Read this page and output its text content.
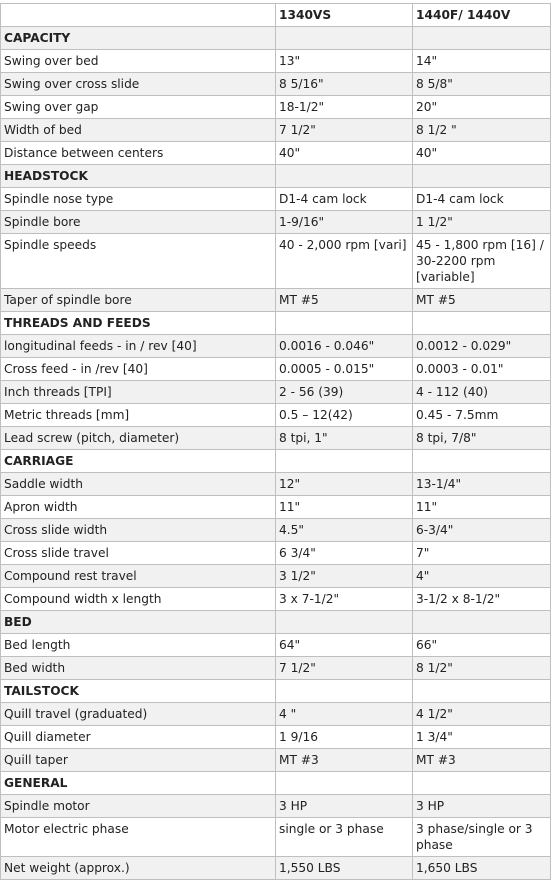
	1340VS	1440F/ 1440V
CAPACITY		
Swing over bed	13"	14"
Swing over cross slide	8 5/16"	8 5/8"
Swing over gap	18-1/2"	20"
Width of bed	7 1/2"	8 1/2 "
Distance between centers	40"	40"
HEADSTOCK		
Spindle nose type	D1-4 cam lock	D1-4 cam lock
Spindle bore	1-9/16"	1 1/2"
Spindle speeds	40 - 2,000 rpm [vari]	45 - 1,800 rpm [16] / 30-2200 rpm [variable]
Taper of spindle bore	MT #5	MT #5
THREADS AND FEEDS		
longitudinal feeds - in / rev [40]	0.0016 - 0.046"	0.0012 - 0.029"
Cross feed - in /rev [40]	0.0005 - 0.015"	0.0003 - 0.01"
Inch threads [TPI]	2 - 56 (39)	4 - 112 (40)
Metric threads [mm]	0.5 – 12(42)	0.45 - 7.5mm
Lead screw (pitch, diameter)	8 tpi, 1"	8 tpi, 7/8"
CARRIAGE		
Saddle width	12"	13-1/4"
Apron width	11"	11"
Cross slide width	4.5"	6-3/4"
Cross slide travel	6 3/4"	7"
Compound rest travel	3 1/2"	4"
Compound width x length	3 x 7-1/2"	3-1/2 x 8-1/2"
BED		
Bed length	64"	66"
Bed width	7 1/2"	8 1/2"
TAILSTOCK		
Quill travel (graduated)	4 "	4 1/2"
Quill diameter	1 9/16	1 3/4"
Quill taper	MT #3	MT #3
GENERAL		
Spindle motor	3 HP	3 HP
Motor electric phase	single or 3 phase	3 phase/single or 3 phase
Net weight (approx.)	1,550 LBS	1,650 LBS
